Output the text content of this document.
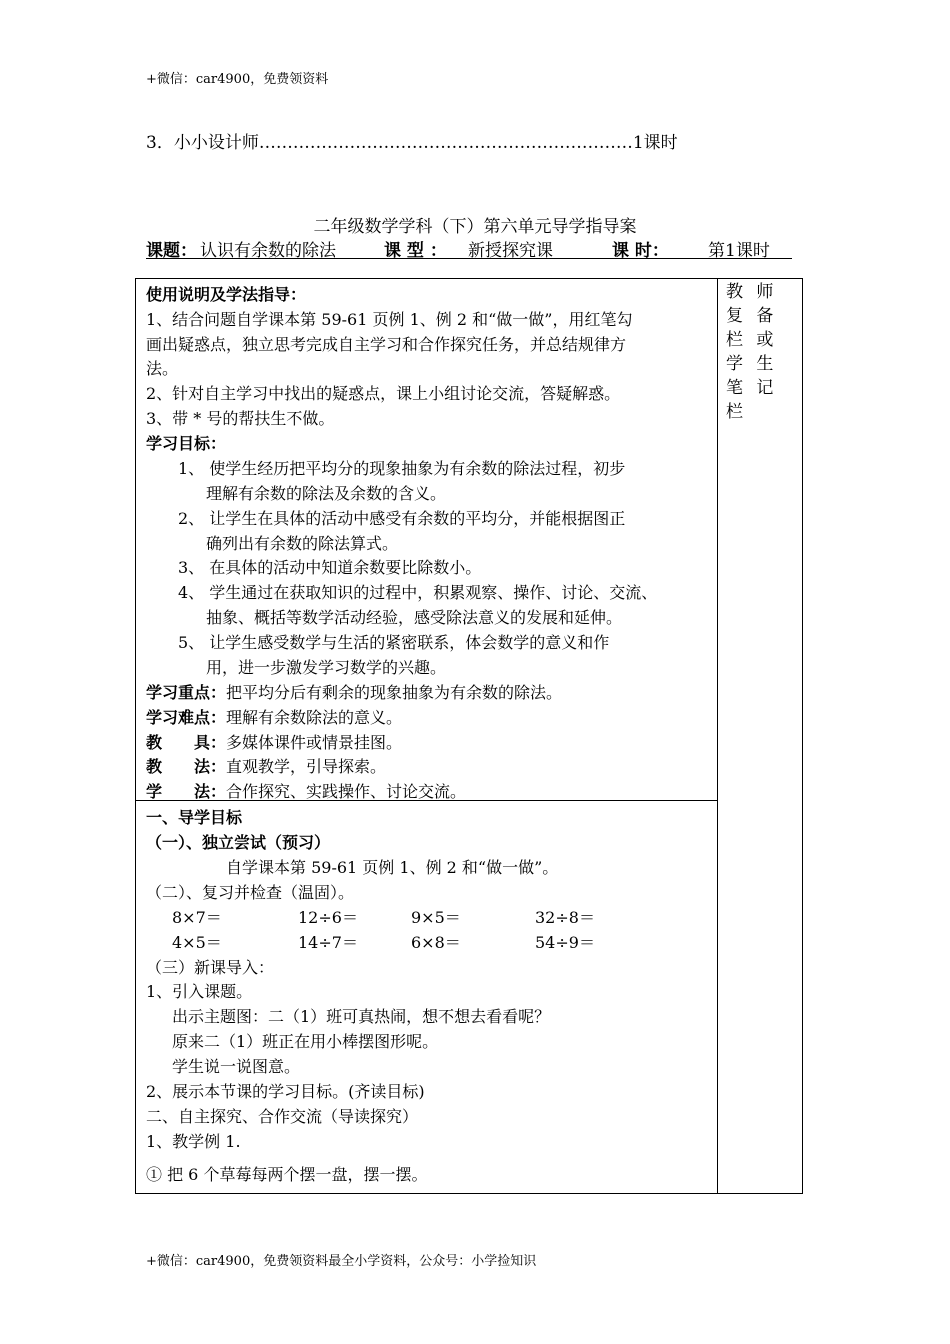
+微信：car4900，免费领资料
3．小小设计师…………………………………………………………1课时
二年级数学学科（下）第六单元导学指导案
课题： 认识有余数的除法	课 型 ： 新授探究课	课 时： 第1课时
教 师 复 备 栏 或 学 生 笔 记 栏
使用说明及学法指导：
1、结合问题自学课本第 59-61 页例 1、例 2 和“做一做”，用红笔勾
画出疑惑点，独立思考完成自主学习和合作探究任务，并总结规律方
法。
2、针对自主学习中找出的疑惑点，课上小组讨论交流，答疑解惑。
3、带 * 号的帮扶生不做。
学习目标：
1、 使学生经历把平均分的现象抽象为有余数的除法过程，初步
理解有余数的除法及余数的含义。
2、 让学生在具体的活动中感受有余数的平均分，并能根据图正
确列出有余数的除法算式。
3、 在具体的活动中知道余数要比除数小。
4、 学生通过在获取知识的过程中，积累观察、操作、讨论、交流、
抽象、概括等数学活动经验，感受除法意义的发展和延伸。
5、 让学生感受数学与生活的紧密联系，体会数学的意义和作
用，进一步激发学习数学的兴趣。
学习重点：把平均分后有剩余的现象抽象为有余数的除法。
学习难点：理解有余数除法的意义。
教　　具：多媒体课件或情景挂图。
教　　法：直观教学，引导探索。
学　　法：合作探究、实践操作、讨论交流。
一、导学目标
（一）、独立尝试（预习）
自学课本第 59-61 页例 1、例 2 和“做一做”。
（二）、复习并检查（温固）。
8×7＝	12÷6＝	9×5＝	32÷8＝
4×5＝	14÷7＝	6×8＝	54÷9＝
（三）新课导入：
1、引入课题。
出示主题图：二（1）班可真热闹，想不想去看看呢？
原来二（1）班正在用小棒摆图形呢。
学生说一说图意。
2、展示本节课的学习目标。(齐读目标)
二、自主探究、合作交流（导读探究）
1、教学例 1.
① 把 6 个草莓每两个摆一盘，摆一摆。
+微信：car4900，免费领资料最全小学资料，公众号：小学捡知识
